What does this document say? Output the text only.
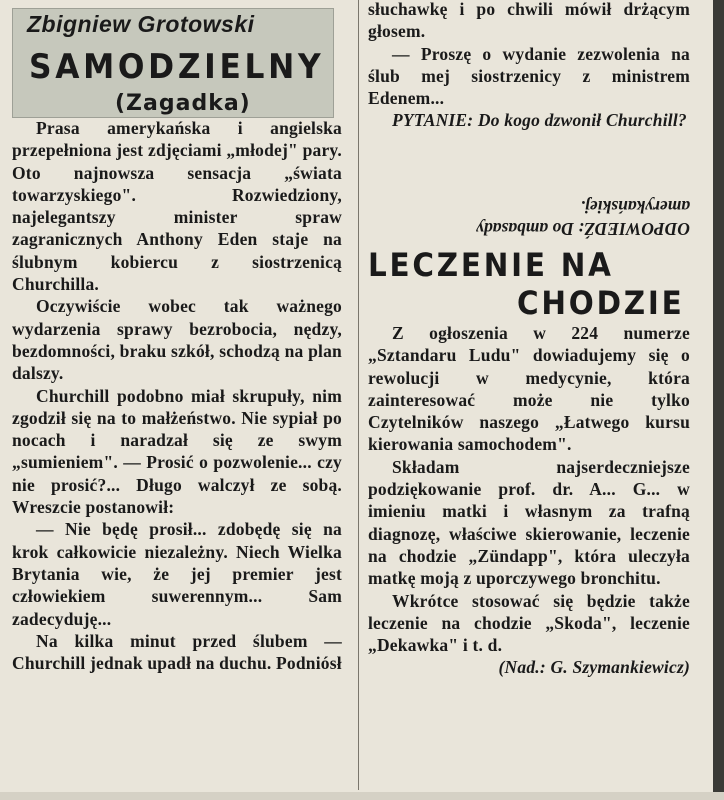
Zbigniew Grotowski
SAMODZIELNY
(Zagadka)

Prasa amerykańska i angielska przepełniona jest zdjęciami „młodej" pary. Oto najnowsza sensacja „świata towarzyskiego". Rozwiedziony, najelegantszy minister spraw zagranicznych Anthony Eden staje na ślubnym kobiercu z siostrzenicą Churchilla.

Oczywiście wobec tak ważnego wydarzenia sprawy bezrobocia, nędzy, bezdomności, braku szkół, schodzą na plan dalszy.

Churchill podobno miał skrupuły, nim zgodził się na to małżeństwo. Nie sypiał po nocach i naradzał się ze swym „sumieniem". — Prosić o pozwolenie... czy nie prosić?... Długo walczył ze sobą. Wreszcie postanowił:

— Nie będę prosił... zdobędę się na krok całkowicie niezależny. Niech Wielka Brytania wie, że jej premier jest człowiekiem suwerennym... Sam zadecyduję...

Na kilka minut przed ślubem — Churchill jednak upadł na duchu. Podniósł

słuchawkę i po chwili mówił drżącym głosem.

— Proszę o wydanie zezwolenia na ślub mej siostrzenicy z ministrem Edenem...

PYTANIE: Do kogo dzwonił Churchill?

ODPOWIEDŹ: Do ambasady amerykańskiej.

LECZENIE NA
CHODZIE

Z ogłoszenia w 224 numerze „Sztandaru Ludu" dowiadujemy się o rewolucji w medycynie, która zainteresować może nie tylko Czytelników naszego „Łatwego kursu kierowania samochodem".

Składam najserdeczniejsze podziękowanie prof. dr. A... G... w imieniu matki i własnym za trafną diagnozę, właściwe skierowanie, leczenie na chodzie „Zündapp", która uleczyła matkę moją z uporczywego bronchitu.

Wkrótce stosować się będzie także leczenie na chodzie „Skoda", leczenie „Dekawka" i t. d.

(Nad.: G. Szymankiewicz)
